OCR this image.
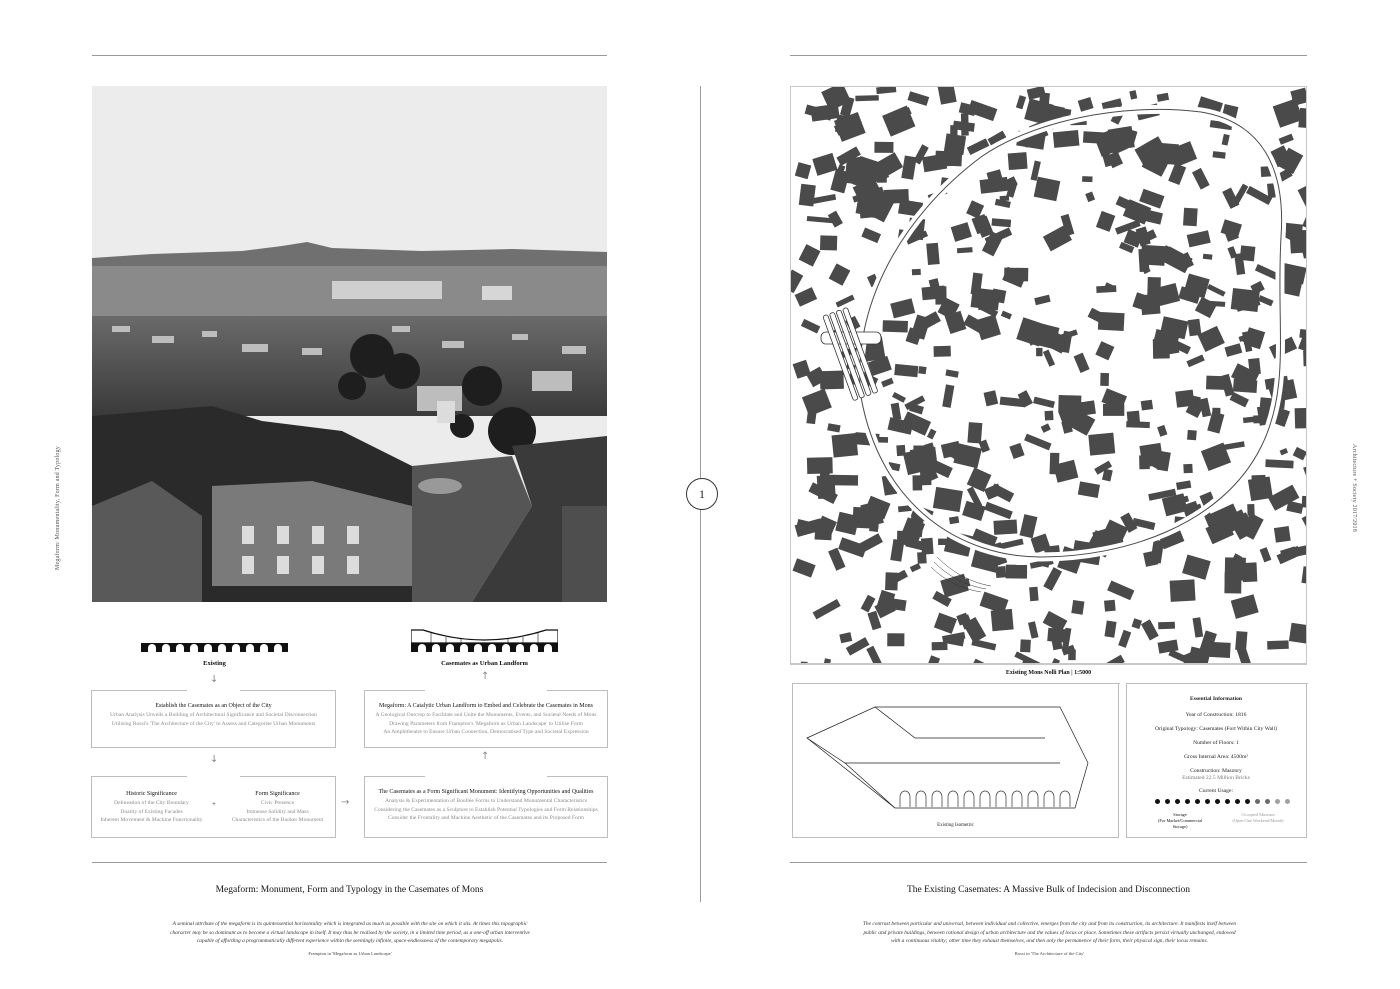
Megaform: Monumentality, Form and Typology
Existing	Casemates as Urban Landform
↓	↑
↓	↑
→
Establish the Casemates as an Object of the City
Urban Analysis Unveils a Building of Architectural Significance and Societal Disconnection
Utilising Rossi's 'The Architecture of the City' to Assess and Categorise Urban Monuments
Historic Significance
Delineation of the City Boundary
Duality of Existing Facades
Inherent Movement & Machine Functionality
+
Form Significance
Civic Presence
Immense Solidity and Mass
Characteristics of the Bunker Monument
Megaform: A Catalytic Urban Landform to Embed and Celebrate the Casemates in Mons
A Geological Outcrop to Facilitate and Unite the Monuments, Events, and Societal Needs of Mons
Drawing Parameters from Frampton's 'Megaform as Urban Landscape' to Utilise Form
An Amphitheatre to Ensure Urban Connection, Democratised Type and Societal Expression
The Casemates as a Form Significant Monument: Identifying Opportunities and Qualities
Analysis & Experimentation of Boullée Forms to Understand Monumental Characteristics
Considering the Casemates as a Sculpture to Establish Potential Typologies and Form Relationships
Consider the Frontality and Machine Aesthetic of the Casemates and its Proposed Form
Megaform: Monument, Form and Typology in the Casemates of Mons
A seminal attribute of the megaform is its quintessential horizontality which is integrated as much as possible with the site on which it sits. At times this topographic character may be so dominant as to become a virtual landscape in itself. It may thus be realised by the society, in a limited time period, as a one-off urban interventive capable of affording a programmatically different experience within the seemingly infinite, space-endlessness of the contemporary megapolis.
Frampton in 'Megaform as Urban Landscape'
1	Architecture + Society 2017/2018
Existing Mons Nolli Plan | 1:5000
Existing Isometric
Essential Information
Year of Construction: 1816
Original Typology: Casemates (Fort Within City Wall)
Number of Floors: 1
Gross Internal Area: 4500m²
Construction: Masonry
Estimated 22.5 Million Bricks
Current Usage:
Storage
(For Market/Commercial Storage)
Occupied Museum
(Open One Weekend/Month)
The Existing Casemates: A Massive Bulk of Indecision and Disconnection
The contrast between particular and universal, between individual and collective, emerges from the city and from its construction, its architecture. It manifests itself between public and private buildings, between rational design of urban architecture and the values of locus or place. Sometimes these artifacts persist virtually unchanged, endowed with a continuous vitality; other time they exhaust themselves, and then only the permanence of their form, their physical sign, their locus remains.
Rossi in 'The Architecture of the City'
